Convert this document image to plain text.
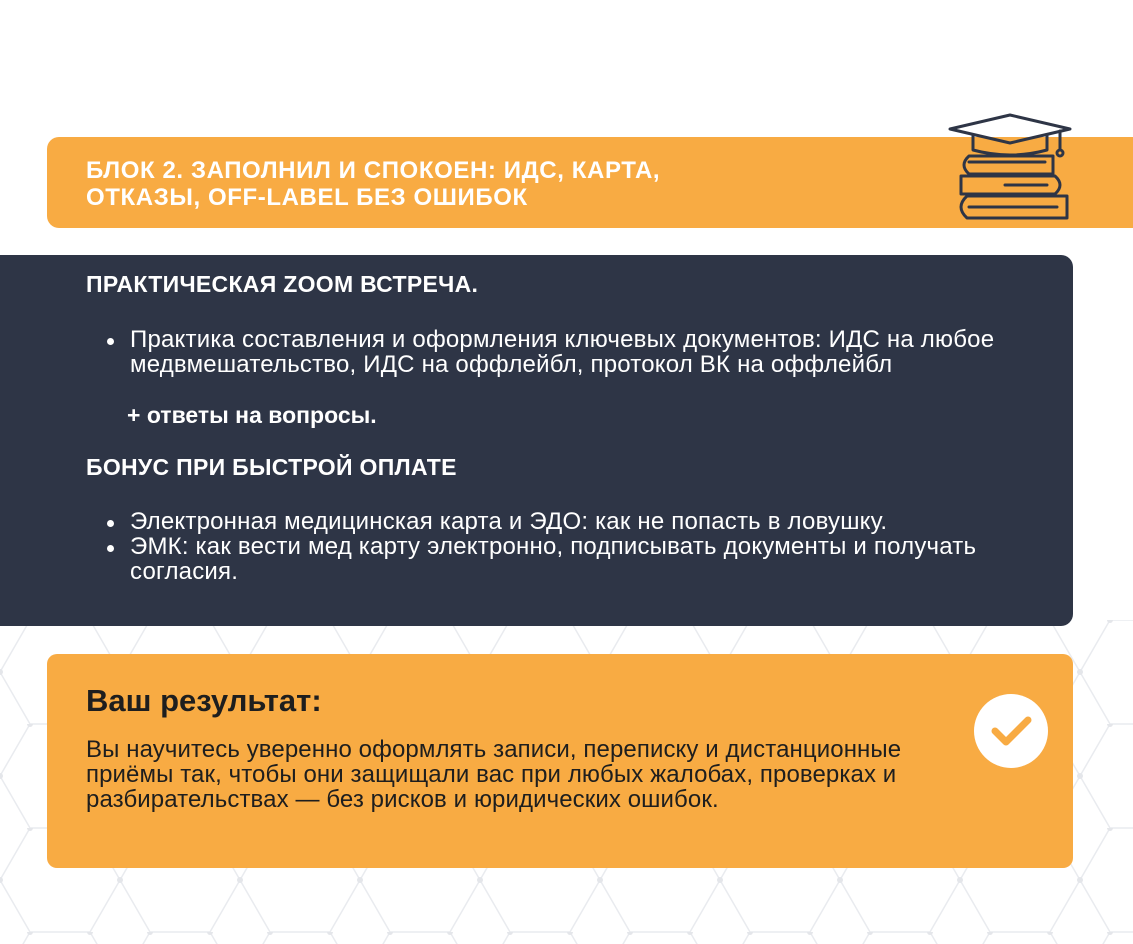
БЛОК 2. ЗАПОЛНИЛ И СПОКОЕН: ИДС, КАРТА,
ОТКАЗЫ, OFF-LABEL БЕЗ ОШИБОК
ПРАКТИЧЕСКАЯ ZOOM ВСТРЕЧА.
Практика составления и оформления ключевых документов: ИДС на любое медвмешательство, ИДС на оффлейбл, протокол ВК на оффлейбл

+ ответы на вопросы.

БОНУС ПРИ БЫСТРОЙ ОПЛАТЕ
Электронная медицинская карта и ЭДО: как не попасть в ловушку.
ЭМК: как вести мед карту электронно, подписывать документы и получать согласия.
Ваш результат:

Вы научитесь уверенно оформлять записи, переписку и дистанционные приёмы так, чтобы они защищали вас при любых жалобах, проверках и разбирательствах — без рисков и юридических ошибок.
